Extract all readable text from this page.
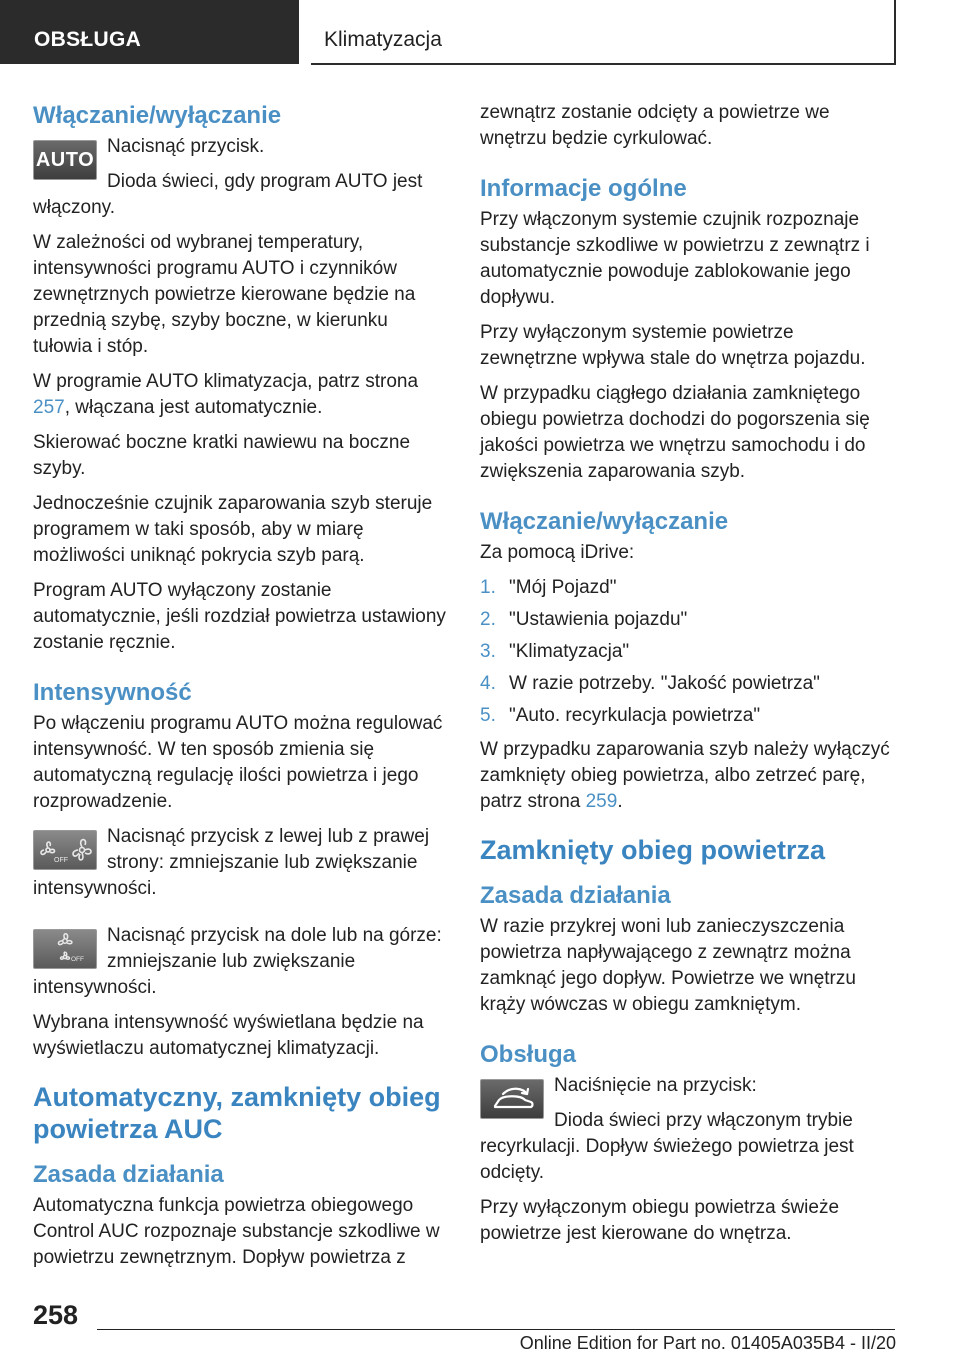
OBSŁUGA	Klimatyzacja
Włączanie/wyłączanie
AUTO

Nacisnąć przycisk.

Dioda świeci, gdy program AUTO jest włączony.

W zależności od wybranej temperatury, intensywności programu AUTO i czynników zewnętrznych powietrze kierowane będzie na przednią szybę, szyby boczne, w kierunku tułowia i stóp.

W programie AUTO klimatyzacja, patrz strona 257, włączana jest automatycznie.

Skierować boczne kratki nawiewu na boczne szyby.

Jednocześnie czujnik zaparowania szyb steruje programem w taki sposób, aby w miarę możliwości uniknąć pokrycia szyb parą.

Program AUTO wyłączony zostanie automatycznie, jeśli rozdział powietrza ustawiony zostanie ręcznie.

Intensywność

Po włączeniu programu AUTO można regulować intensywność. W ten sposób zmienia się automatyczną regulację ilości powietrza i jego rozprowadzenie.

OFF

Nacisnąć przycisk z lewej lub z prawej strony: zmniejszanie lub zwiększanie intensywności.

OFF

Nacisnąć przycisk na dole lub na górze: zmniejszanie lub zwiększanie intensywności.

Wybrana intensywność wyświetlana będzie na wyświetlaczu automatycznej klimatyzacji.

Automatyczny, zamknięty obieg powietrza AUC
Zasada działania

Automatyczna funkcja powietrza obiegowego Control AUC rozpoznaje substancje szkodliwe w powietrzu zewnętrznym. Dopływ powietrza z

zewnątrz zostanie odcięty a powietrze we wnętrzu będzie cyrkulować.

Informacje ogólne

Przy włączonym systemie czujnik rozpoznaje substancje szkodliwe w powietrzu z zewnątrz i automatycznie powoduje zablokowanie jego dopływu.

Przy wyłączonym systemie powietrze zewnętrzne wpływa stale do wnętrza pojazdu.

W przypadku ciągłego działania zamkniętego obiegu powietrza dochodzi do pogorszenia się jakości powietrza we wnętrzu samochodu i do zwiększenia zaparowania szyb.

Włączanie/wyłączanie

Za pomocą iDrive:

1. "Mój Pojazd"
2. "Ustawienia pojazdu"
3. "Klimatyzacja"
4. W razie potrzeby. "Jakość powietrza"
5. "Auto. recyrkulacja powietrza"

W przypadku zaparowania szyb należy wyłączyć zamknięty obieg powietrza, albo zetrzeć parę, patrz strona 259.

Zamknięty obieg powietrza
Zasada działania

W razie przykrej woni lub zanieczyszczenia powietrza napływającego z zewnątrz można zamknąć jego dopływ. Powietrze we wnętrzu krąży wówczas w obiegu zamkniętym.

Obsługa

Naciśnięcie na przycisk:

Dioda świeci przy włączonym trybie recyrkulacji. Dopływ świeżego powietrza jest odcięty.

Przy wyłączonym obiegu powietrza świeże powietrze jest kierowane do wnętrza.

258
Online Edition for Part no. 01405A035B4 - II/20
